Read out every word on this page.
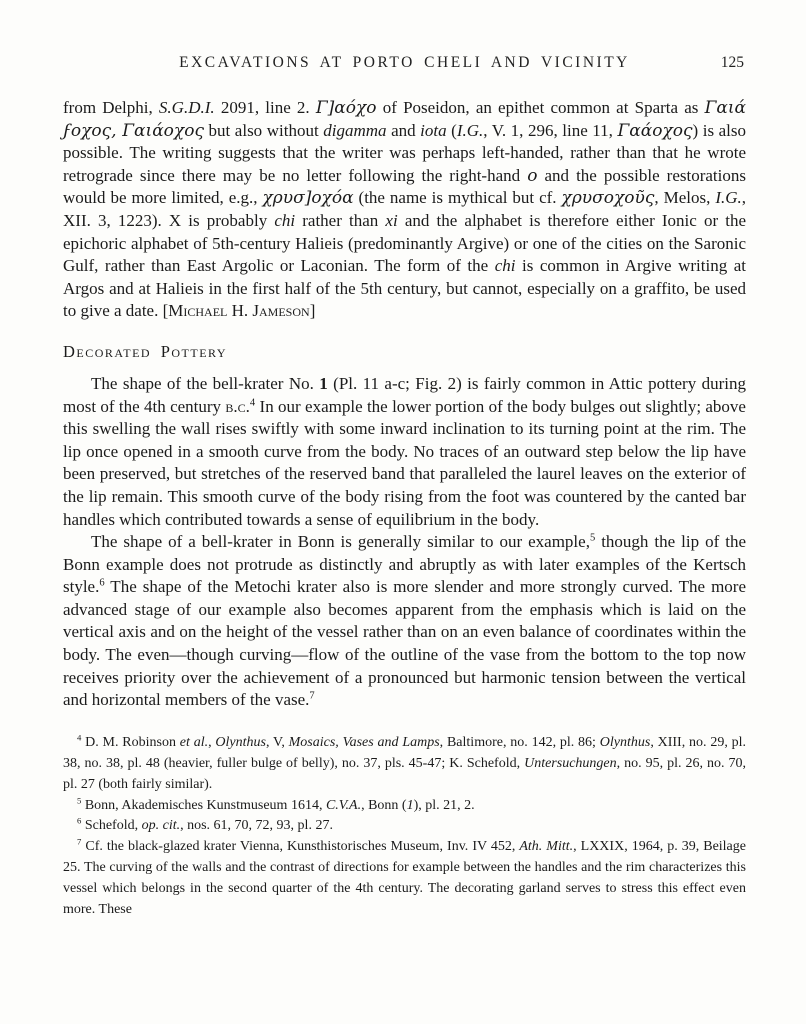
EXCAVATIONS AT PORTO CHELI AND VICINITY	125

from Delphi, S.G.D.I. 2091, line 2. Γ]αόχο of Poseidon, an epithet common at Sparta as Γαιά ϝοχος, Γαιάοχος but also without digamma and iota (I.G., V. 1, 296, line 11, Γαάοχος) is also possible. The writing suggests that the writer was perhaps left-handed, rather than that he wrote retrograde since there may be no letter following the right-hand ο and the possible restorations would be more limited, e.g., χρυσ]οχόα (the name is mythical but cf. χρυσοχοῦς, Melos, I.G., XII. 3, 1223). Χ is probably chi rather than xi and the alphabet is therefore either Ionic or the epichoric alphabet of 5th-century Halieis (predominantly Argive) or one of the cities on the Saronic Gulf, rather than East Argolic or Laconian. The form of the chi is common in Argive writing at Argos and at Halieis in the first half of the 5th century, but cannot, especially on a graffito, be used to give a date. [Michael H. Jameson]

Decorated Pottery

The shape of the bell-krater No. 1 (Pl. 11 a-c; Fig. 2) is fairly common in Attic pottery during most of the 4th century b.c.$^4$ In our example the lower portion of the body bulges out slightly; above this swelling the wall rises swiftly with some inward inclination to its turning point at the rim. The lip once opened in a smooth curve from the body. No traces of an outward step below the lip have been preserved, but stretches of the reserved band that paralleled the laurel leaves on the exterior of the lip remain. This smooth curve of the body rising from the foot was countered by the canted bar handles which contributed towards a sense of equilibrium in the body.

The shape of a bell-krater in Bonn is generally similar to our example,$^5$ though the lip of the Bonn example does not protrude as distinctly and abruptly as with later examples of the Kertsch style.$^6$ The shape of the Metochi krater also is more slender and more strongly curved. The more advanced stage of our example also becomes apparent from the emphasis which is laid on the vertical axis and on the height of the vessel rather than on an even balance of coordinates within the body. The even—though curving—flow of the outline of the vase from the bottom to the top now receives priority over the achievement of a pronounced but harmonic tension between the vertical and horizontal members of the vase.$^7$

$^4$ D. M. Robinson et al., Olynthus, V, Mosaics, Vases and Lamps, Baltimore, no. 142, pl. 86; Olynthus, XIII, no. 29, pl. 38, no. 38, pl. 48 (heavier, fuller bulge of belly), no. 37, pls. 45-47; K. Schefold, Untersuchungen, no. 95, pl. 26, no. 70, pl. 27 (both fairly similar).

$^5$ Bonn, Akademisches Kunstmuseum 1614, C.V.A., Bonn (1), pl. 21, 2.

$^6$ Schefold, op. cit., nos. 61, 70, 72, 93, pl. 27.

$^7$ Cf. the black-glazed krater Vienna, Kunsthistorisches Museum, Inv. IV 452, Ath. Mitt., LXXIX, 1964, p. 39, Beilage 25. The curving of the walls and the contrast of directions for example between the handles and the rim characterizes this vessel which belongs in the second quarter of the 4th century. The decorating garland serves to stress this effect even more. These
